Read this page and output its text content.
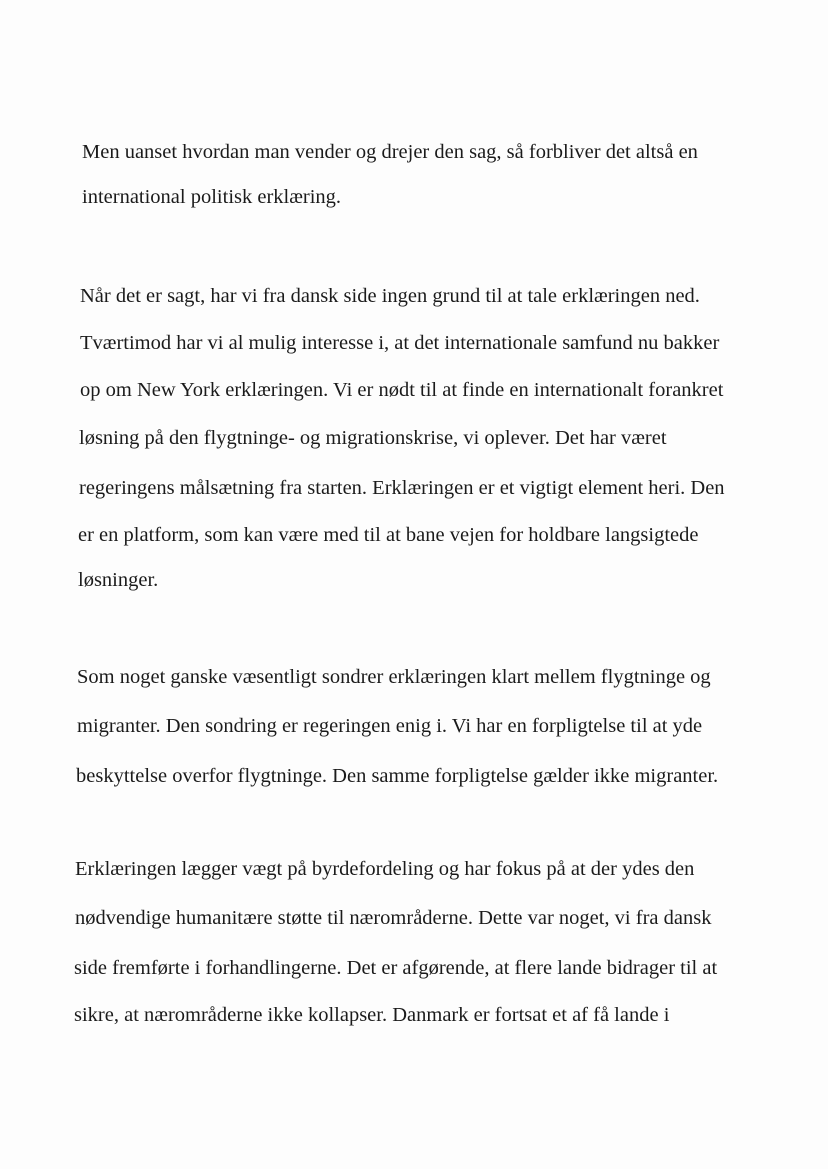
Men uanset hvordan man vender og drejer den sag, så forbliver det altså en
international politisk erklæring.
Når det er sagt, har vi fra dansk side ingen grund til at tale erklæringen ned.
Tværtimod har vi al mulig interesse i, at det internationale samfund nu bakker
op om New York erklæringen. Vi er nødt til at finde en internationalt forankret
løsning på den flygtninge- og migrationskrise, vi oplever. Det har været
regeringens målsætning fra starten. Erklæringen er et vigtigt element heri. Den
er en platform, som kan være med til at bane vejen for holdbare langsigtede
løsninger.
Som noget ganske væsentligt sondrer erklæringen klart mellem flygtninge og
migranter. Den sondring er regeringen enig i. Vi har en forpligtelse til at yde
beskyttelse overfor flygtninge. Den samme forpligtelse gælder ikke migranter.
Erklæringen lægger vægt på byrdefordeling og har fokus på at der ydes den
nødvendige humanitære støtte til nærområderne. Dette var noget, vi fra dansk
side fremførte i forhandlingerne. Det er afgørende, at flere lande bidrager til at
sikre, at nærområderne ikke kollapser. Danmark er fortsat et af få lande i
